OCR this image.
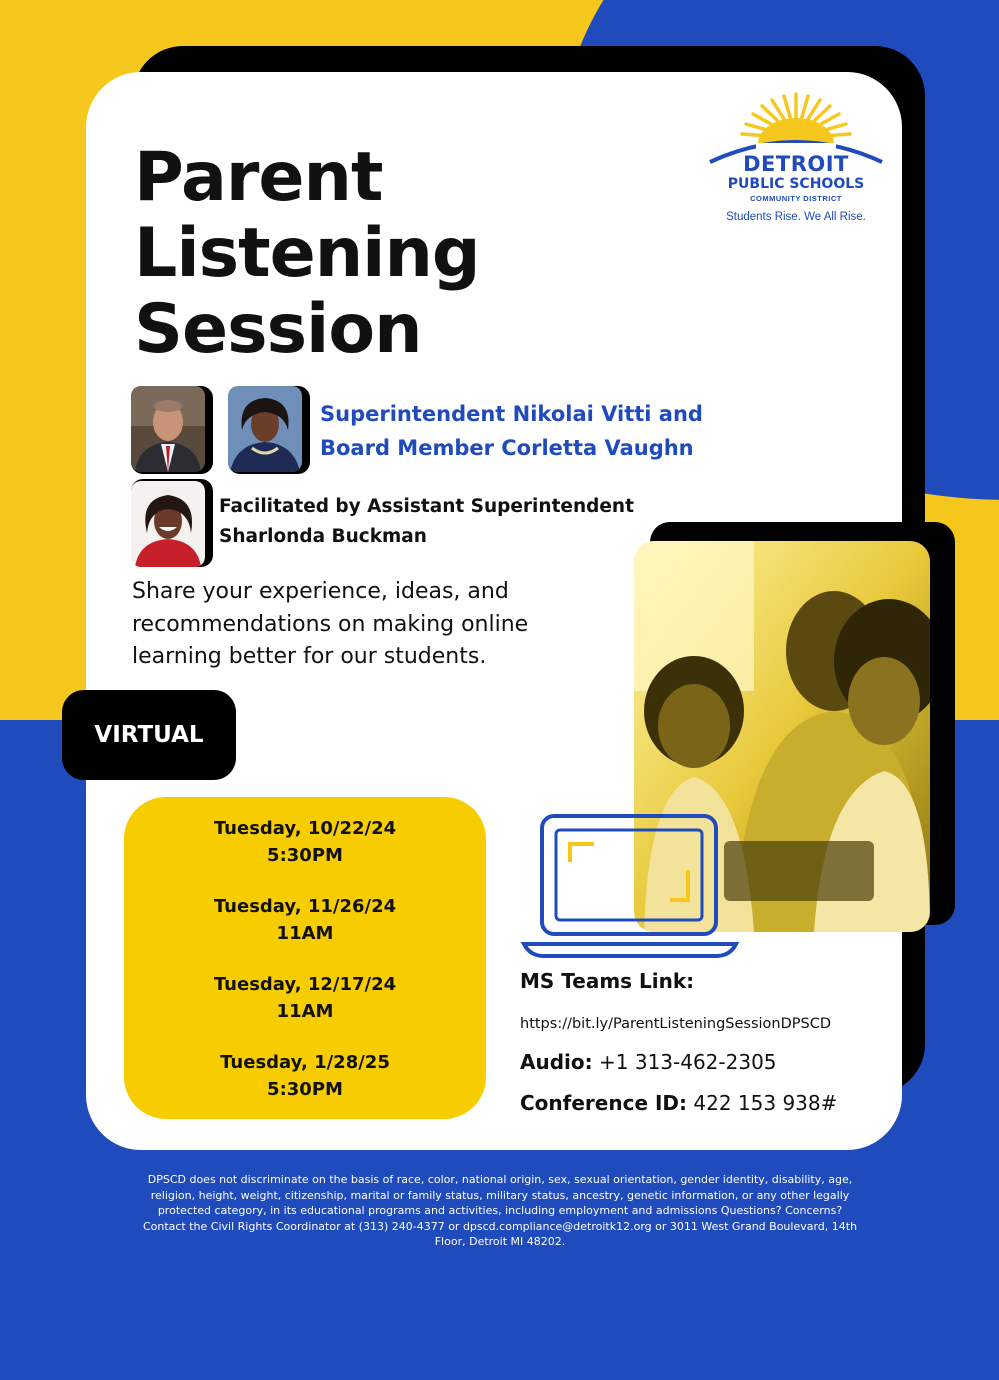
Parent
Listening
Session
DETROIT
PUBLIC SCHOOLS
COMMUNITY DISTRICT
Students Rise. We All Rise.
Superintendent Nikolai Vitti and
Board Member Corletta Vaughn
Facilitated by Assistant Superintendent
Sharlonda Buckman
Share your experience, ideas, and
recommendations on making online
learning better for our students.
VIRTUAL
Tuesday, 10/22/24
5:30PM
Tuesday, 11/26/24
11AM
Tuesday, 12/17/24
11AM
Tuesday, 1/28/25
5:30PM
MS Teams Link:
https://bit.ly/ParentListeningSessionDPSCD
Audio: +1 313-462-2305
Conference ID: 422 153 938#
DPSCD does not discriminate on the basis of race, color, national origin, sex, sexual orientation, gender identity, disability, age,
religion, height, weight, citizenship, marital or family status, military status, ancestry, genetic information, or any other legally
protected category, in its educational programs and activities, including employment and admissions Questions? Concerns?
Contact the Civil Rights Coordinator at (313) 240-4377 or dpscd.compliance@detroitk12.org or 3011 West Grand Boulevard, 14th
Floor, Detroit MI 48202.
